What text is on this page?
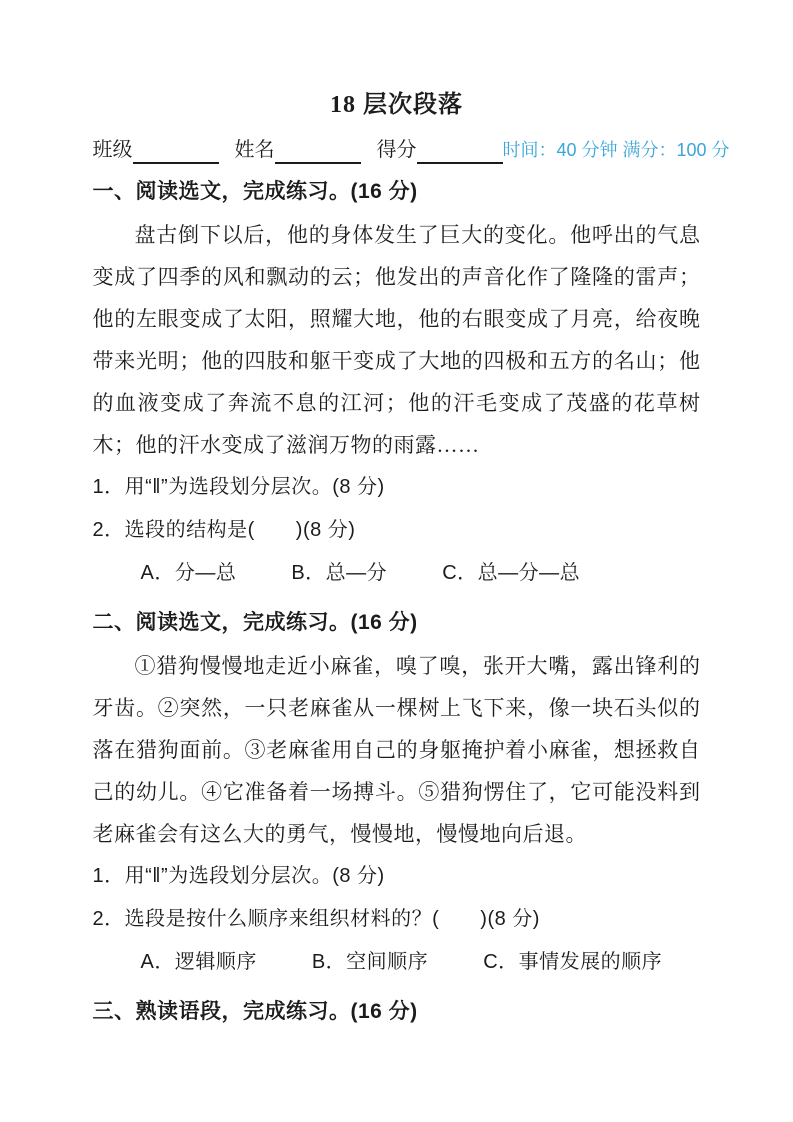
18 层次段落
班级	姓名	得分	时间：40 分钟 满分：100 分
一、阅读选文，完成练习。(16 分)

盘古倒下以后，他的身体发生了巨大的变化。他呼出的气息变成了四季的风和飘动的云；他发出的声音化作了隆隆的雷声；他的左眼变成了太阳，照耀大地，他的右眼变成了月亮，给夜晚带来光明；他的四肢和躯干变成了大地的四极和五方的名山；他的血液变成了奔流不息的江河；他的汗毛变成了茂盛的花草树木；他的汗水变成了滋润万物的雨露……

1．用“‖”为选段划分层次。(8 分)

2．选段的结构是(　　)(8 分)

A．分—总	B．总—分	C．总—分—总
二、阅读选文，完成练习。(16 分)

①猎狗慢慢地走近小麻雀，嗅了嗅，张开大嘴，露出锋利的牙齿。②突然，一只老麻雀从一棵树上飞下来，像一块石头似的落在猎狗面前。③老麻雀用自己的身躯掩护着小麻雀，想拯救自己的幼儿。④它准备着一场搏斗。⑤猎狗愣住了，它可能没料到老麻雀会有这么大的勇气，慢慢地，慢慢地向后退。

1．用“‖”为选段划分层次。(8 分)

2．选段是按什么顺序来组织材料的？(　　)(8 分)

A．逻辑顺序	B．空间顺序	C．事情发展的顺序
三、熟读语段，完成练习。(16 分)
